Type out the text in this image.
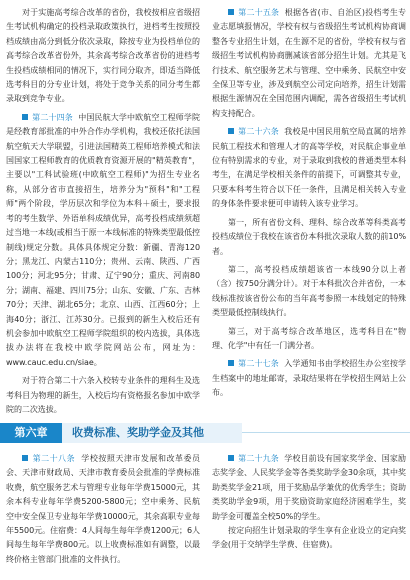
对于实施高考综合改革的省份，我校按相应省级招生考试机构确定的投档录取政策执行，进档考生按照投档成绩由高分到低分依次录取，除按专业为投档单位的高考综合改革省份外，其余高考综合改革省份的进档考生投档成绩相同的情况下，实行同分取齐，即适当降低选考科目的分专业计划，将处于竞争关系的同分考生都录取到竞争专业。

第二十四条 中国民航大学中欧航空工程师学院是经教育部批准的中外合作办学机构，我校还依托法国航空航天大学联盟，引进法国精英工程师培养模式和法国国家工程师教育的优质教育资源开展的"精英教育"，主要以"工科试验班(中欧航空工程师)"为招生专业名称，从部分省市直接招生，培养分为"预科"和"工程师"两个阶段，学历层次和学位为本科＋硕士，要求报考的考生数学、外语单科成绩优异，高考投档成绩须超过当地一本线(或相当于原一本线标准的特殊类型最低控制线)规定分数。具体具体规定分数：新疆、青海120分；黑龙江、内蒙古110分；贵州、云南、陕西、广西100分；河北95分；甘肃、辽宁90分；重庆、河南80分；湖南、福建、四川75分；山东、安徽、广东、吉林70分；天津、湖北65分；北京、山西、江西60分；上海40分；浙江、江苏30分。已报到的新生入校后还有机会参加中欧航空工程师学院组织的校内选拔，具体选拔办法将在我校中欧学院网站公布，网址为：www.cauc.edu.cn/siae。

对于符合第二十六条入校转专业条件的理科生及选考科目为物理的新生，入校后均有资格报名参加中欧学院的二次选拔。

第二十五条 根据各省(市、自治区)投档考生专业志愿填报情况，学校有权与省级招生考试机构协商调整各专业招生计划，在生源不足的省份，学校有权与省级招生考试机构协商删减该省部分招生计划。尤其是飞行技术、航空服务艺术与管理、空中乘务、民航空中安全保卫等专业，涉及到航空公司定向培养，招生计划需根据生源情况在全国范围内调配，需各省级招生考试机构支持配合。

第二十六条 我校是中国民用航空局直属的培养民航工程技术和管理人才的高等学校，对民航企事业单位有特别需求的专业，对于录取到我校的普通类型本科考生，在满足学校相关条件的前提下，可调整其专业，只要本科考生符合以下任一条件，且满足相关转入专业的身体条件要求便可申请转入该专业学习。

第一，所有省份文科、理科、综合改革等科类高考投档成绩位于我校在该省份本科批次录取人数的前10%者。

第二，高考投档成绩超该省一本线90分以上者（含）按750分满分计）。对于本科批次合并省份，一本线标准按该省份公布的当年高考参照一本线划定的特殊类型最低控制线执行。

第三，对于高考综合改革地区，选考科目在"物理、化学"中有任一门满分者。

第二十七条 入学通知书由学校招生办公室按学生档案中的地址邮寄，录取结果将在学校招生网站上公布。

第六章	收费标准、奖助学金及其他

第二十八条 学校按照天津市发展和改革委员会、天津市财政局、天津市教育委员会批准的学费标准收费，航空服务艺术与管理专业每年学费15000元，其余本科专业每年学费5200-5800元；空中乘务、民航空中安全保卫专业每年学费10000元，其余高职专业每年5500元。住宿费：4人间每生每年学费1200元；6人间每生每年学费800元。以上收费标准如有调整，以最终价格主管部门批准的文件执行。

第二十九条 学校目前设有国家奖学金、国家励志奖学金、人民奖学金等各类奖助学金30余项，其中奖助类奖学金21项，用于奖励品学兼优的优秀学生；资助类奖助学金9项，用于奖励资助家庭经济困难学生，奖助学金可覆盖全校50%的学生。

按定向招生计划录取的学生享有企业设立的定向奖学金(用于交纳学生学费、住宿费)。
